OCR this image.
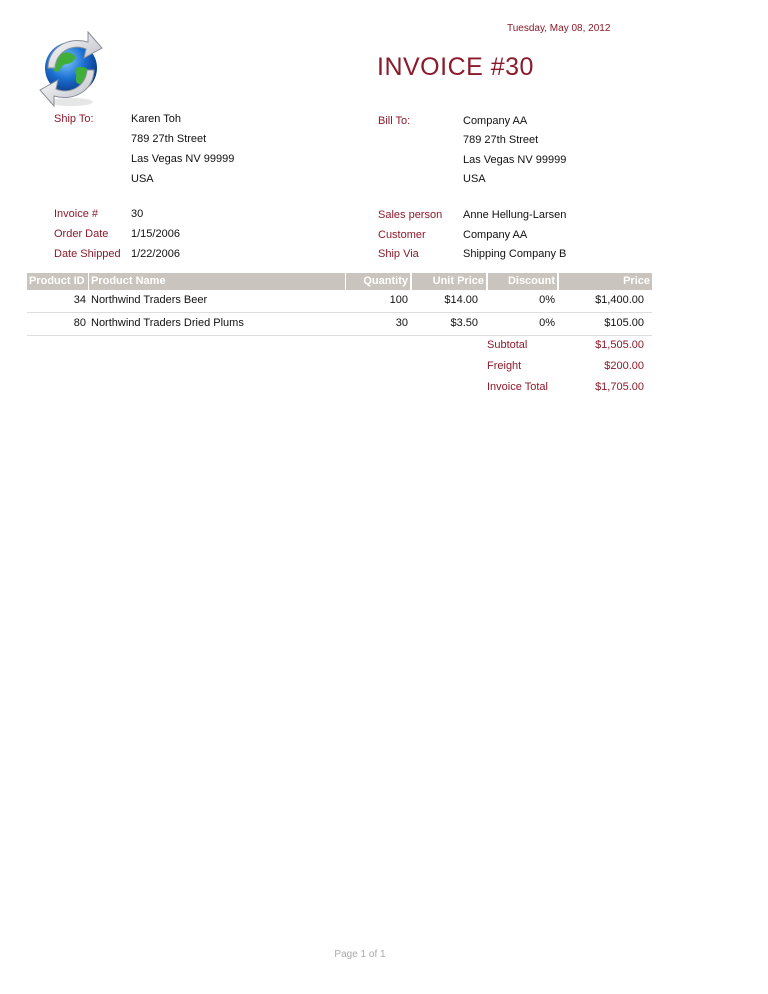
Tuesday, May 08, 2012
INVOICE #30
Ship To:	Karen Toh
789 27th Street
Las Vegas NV 99999
USA
Bill To:	Company AA
789 27th Street
Las Vegas NV 99999
USA
Invoice #	30
Order Date 1/15/2006
Date Shipped 1/22/2006
Sales person Anne Hellung-Larsen
Customer	Company AA
Ship Via	Shipping Company B
Product ID Product Name	Quantity	Unit Price	Discount	Price
34 Northwind Traders Beer	100	$14.00	0%	$1,400.00
80 Northwind Traders Dried Plums	30	$3.50	0%	$105.00
Subtotal	$1,505.00
Freight	$200.00
Invoice Total	$1,705.00
Page 1 of 1
